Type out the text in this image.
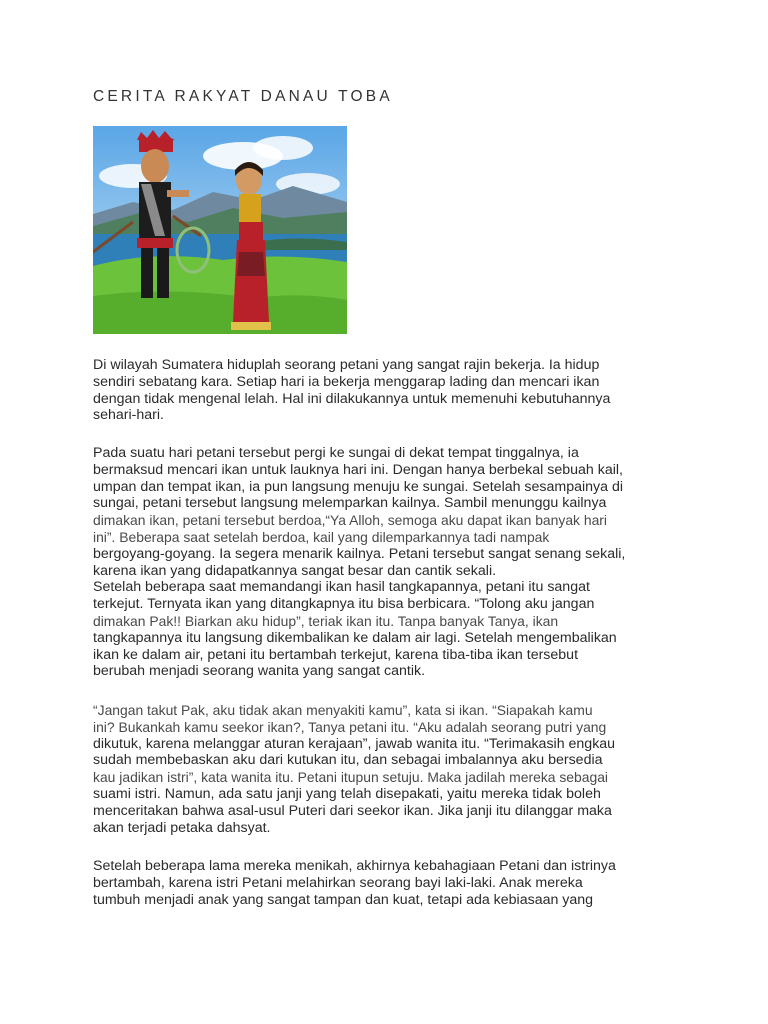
CERITA RAKYAT DANAU TOBA
Di wilayah Sumatera hiduplah seorang petani yang sangat rajin bekerja. Ia hidup
sendiri sebatang kara. Setiap hari ia bekerja menggarap lading dan mencari ikan
dengan tidak mengenal lelah. Hal ini dilakukannya untuk memenuhi kebutuhannya
sehari-hari.
Pada suatu hari petani tersebut pergi ke sungai di dekat tempat tinggalnya, ia
bermaksud mencari ikan untuk lauknya hari ini. Dengan hanya berbekal sebuah kail,
umpan dan tempat ikan, ia pun langsung menuju ke sungai. Setelah sesampainya di
sungai, petani tersebut langsung melemparkan kailnya. Sambil menunggu kailnya
dimakan ikan, petani tersebut berdoa,“Ya Alloh, semoga aku dapat ikan banyak hari
ini”. Beberapa saat setelah berdoa, kail yang dilemparkannya tadi nampak
bergoyang-goyang. Ia segera menarik kailnya. Petani tersebut sangat senang sekali,
karena ikan yang didapatkannya sangat besar dan cantik sekali.
Setelah beberapa saat memandangi ikan hasil tangkapannya, petani itu sangat
terkejut. Ternyata ikan yang ditangkapnya itu bisa berbicara. “Tolong aku jangan
dimakan Pak!! Biarkan aku hidup”, teriak ikan itu. Tanpa banyak Tanya, ikan
tangkapannya itu langsung dikembalikan ke dalam air lagi. Setelah mengembalikan
ikan ke dalam air, petani itu bertambah terkejut, karena tiba-tiba ikan tersebut
berubah menjadi seorang wanita yang sangat cantik.
“Jangan takut Pak, aku tidak akan menyakiti kamu”, kata si ikan. “Siapakah kamu
ini? Bukankah kamu seekor ikan?, Tanya petani itu. “Aku adalah seorang putri yang
dikutuk, karena melanggar aturan kerajaan”, jawab wanita itu. “Terimakasih engkau
sudah membebaskan aku dari kutukan itu, dan sebagai imbalannya aku bersedia
kau jadikan istri”, kata wanita itu. Petani itupun setuju. Maka jadilah mereka sebagai
suami istri. Namun, ada satu janji yang telah disepakati, yaitu mereka tidak boleh
menceritakan bahwa asal-usul Puteri dari seekor ikan. Jika janji itu dilanggar maka
akan terjadi petaka dahsyat.
Setelah beberapa lama mereka menikah, akhirnya kebahagiaan Petani dan istrinya
bertambah, karena istri Petani melahirkan seorang bayi laki-laki. Anak mereka
tumbuh menjadi anak yang sangat tampan dan kuat, tetapi ada kebiasaan yang
